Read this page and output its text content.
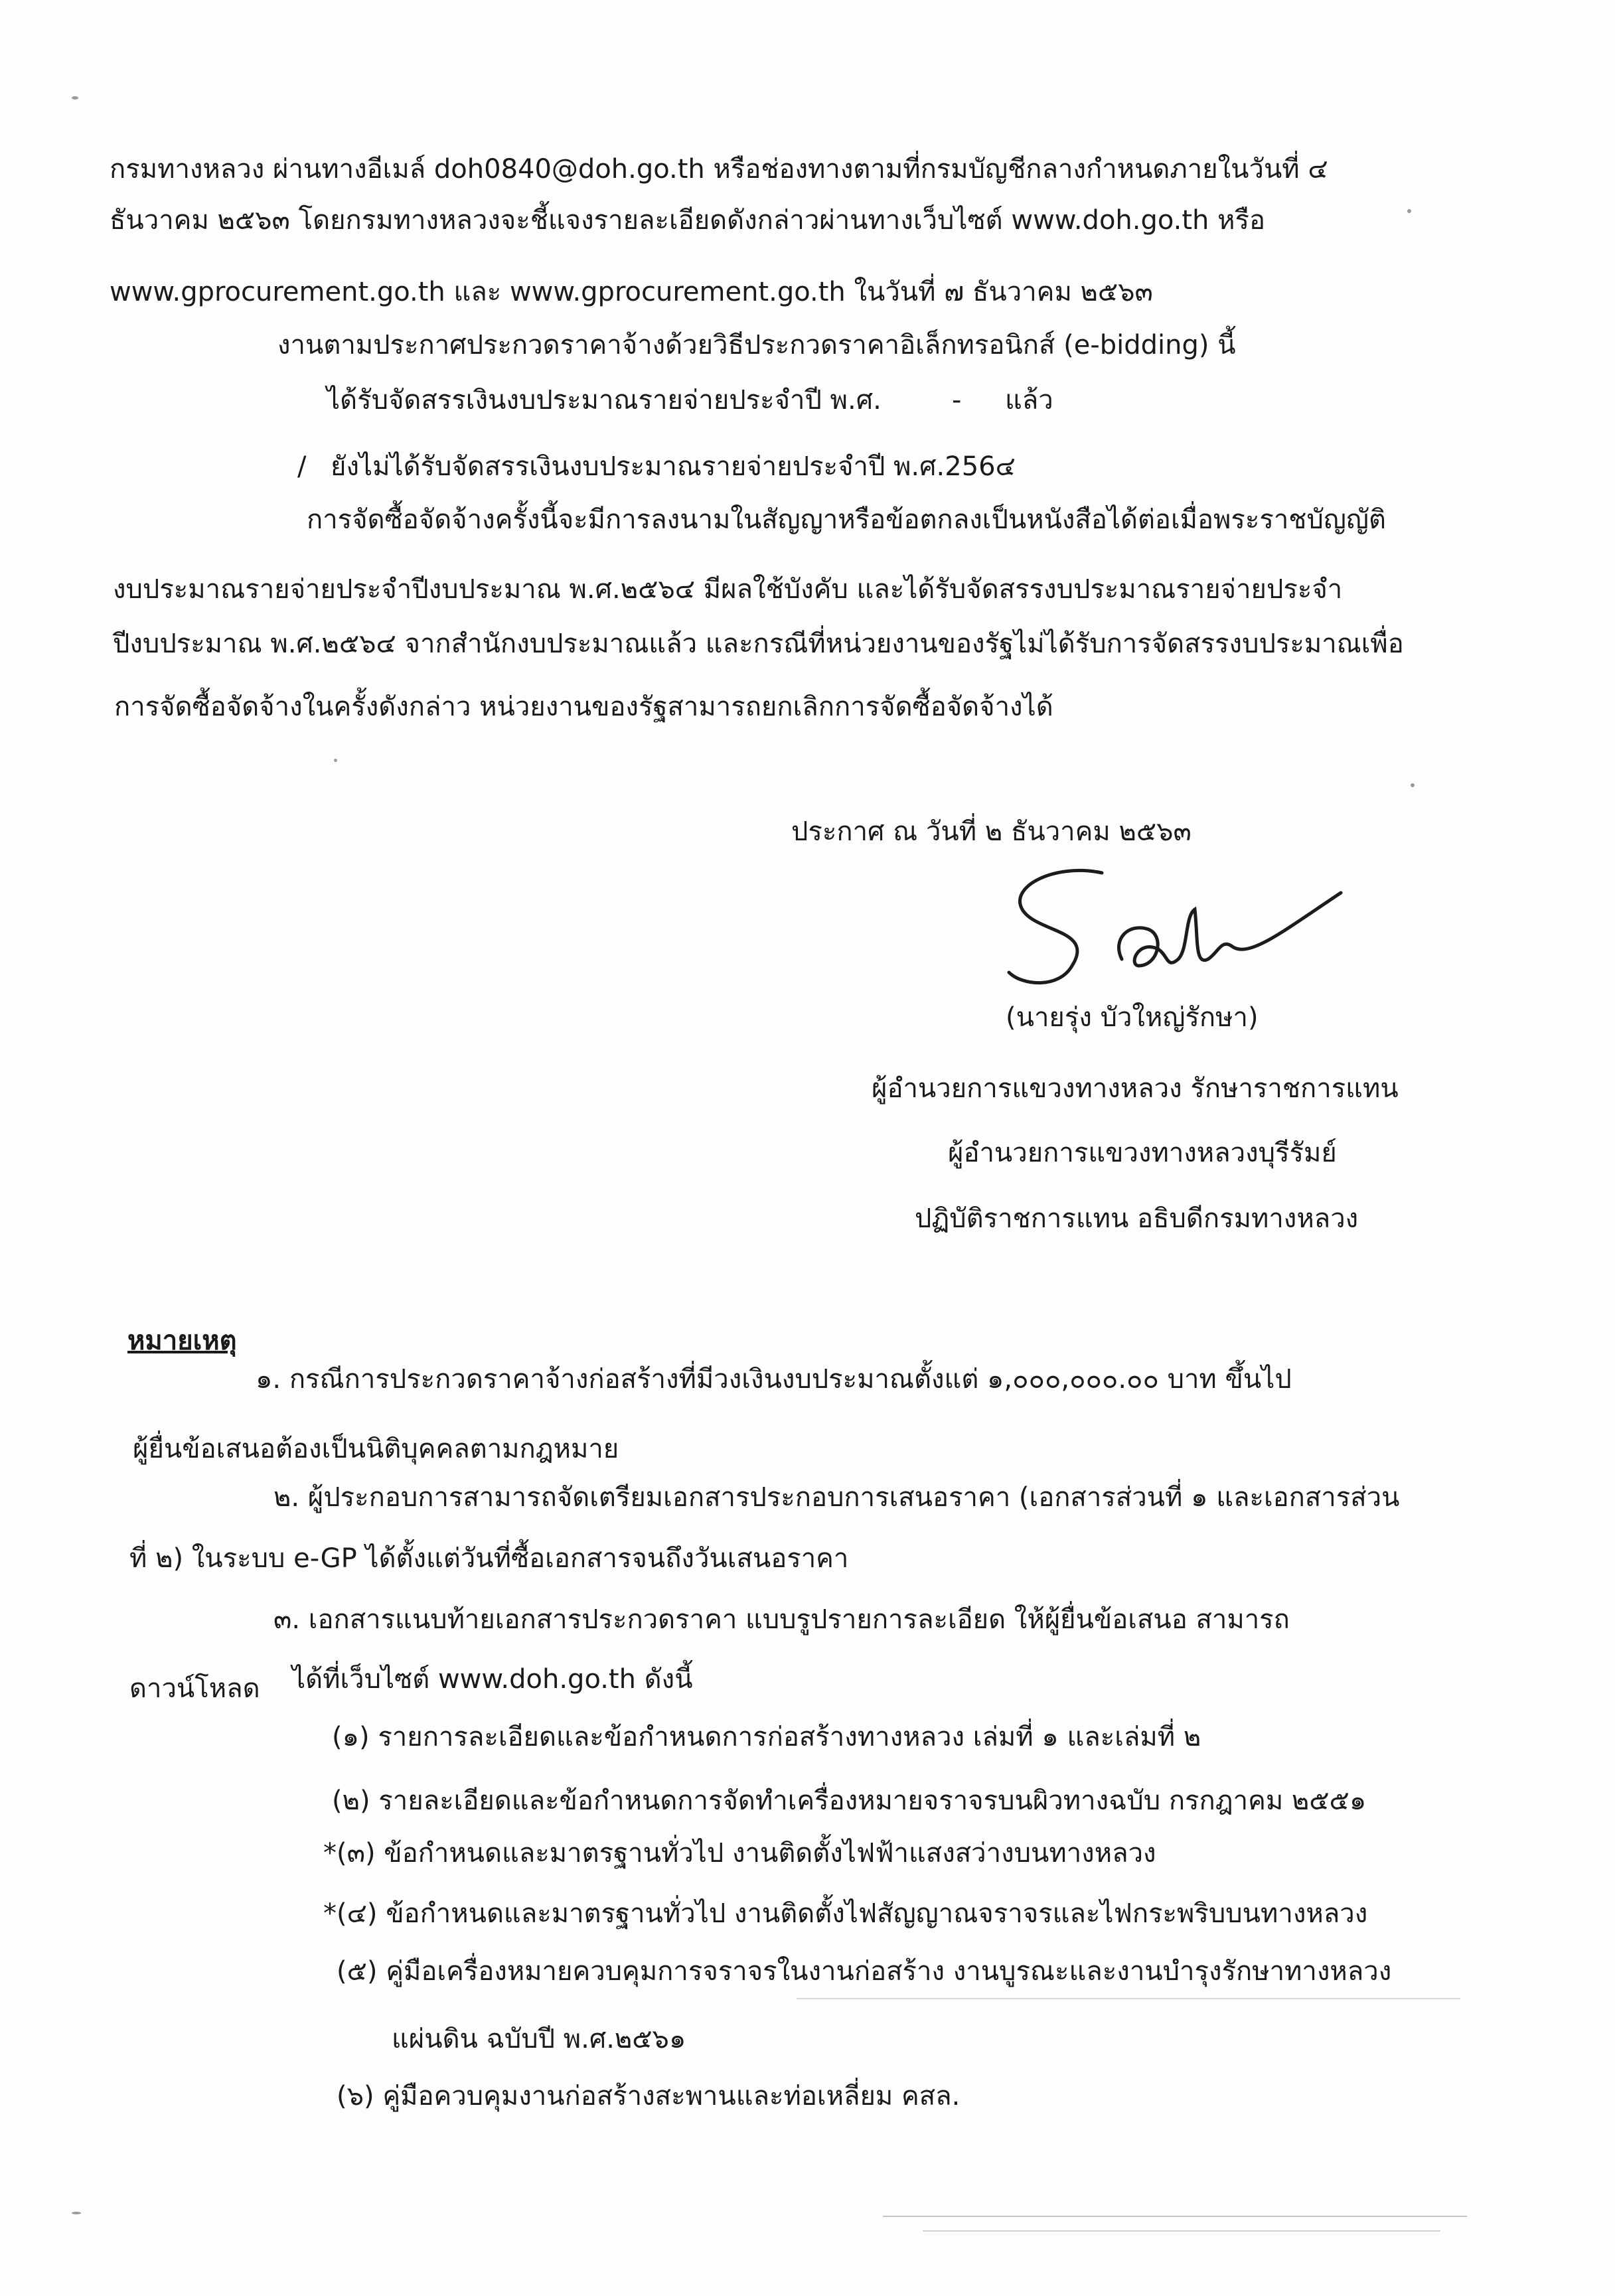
กรมทางหลวง ผ่านทางอีเมล์ doh0840@doh.go.th หรือช่องทางตามที่กรมบัญชีกลางกำหนดภายในวันที่ ๔
ธันวาคม ๒๕๖๓ โดยกรมทางหลวงจะชี้แจงรายละเอียดดังกล่าวผ่านทางเว็บไซต์ www.doh.go.th หรือ
www.gprocurement.go.th และ www.gprocurement.go.th ในวันที่ ๗ ธันวาคม ๒๕๖๓
งานตามประกาศประกวดราคาจ้างด้วยวิธีประกวดราคาอิเล็กทรอนิกส์ (e-bidding) นี้
ได้รับจัดสรรเงินงบประมาณรายจ่ายประจำปี พ.ศ.	- แล้ว
/ ยังไม่ได้รับจัดสรรเงินงบประมาณรายจ่ายประจำปี พ.ศ.256๔
การจัดซื้อจัดจ้างครั้งนี้จะมีการลงนามในสัญญาหรือข้อตกลงเป็นหนังสือได้ต่อเมื่อพระราชบัญญัติ
งบประมาณรายจ่ายประจำปีงบประมาณ พ.ศ.๒๕๖๔ มีผลใช้บังคับ และได้รับจัดสรรงบประมาณรายจ่ายประจำ
ปีงบประมาณ พ.ศ.๒๕๖๔ จากสำนักงบประมาณแล้ว และกรณีที่หน่วยงานของรัฐไม่ได้รับการจัดสรรงบประมาณเพื่อ
การจัดซื้อจัดจ้างในครั้งดังกล่าว หน่วยงานของรัฐสามารถยกเลิกการจัดซื้อจัดจ้างได้
ประกาศ ณ วันที่ ๒ ธันวาคม ๒๕๖๓
(นายรุ่ง บัวใหญ่รักษา)
ผู้อำนวยการแขวงทางหลวง รักษาราชการแทน
ผู้อำนวยการแขวงทางหลวงบุรีรัมย์
ปฏิบัติราชการแทน อธิบดีกรมทางหลวง
หมายเหตุ
๑. กรณีการประกวดราคาจ้างก่อสร้างที่มีวงเงินงบประมาณตั้งแต่ ๑,๐๐๐,๐๐๐.๐๐ บาท ขึ้นไป
ผู้ยื่นข้อเสนอต้องเป็นนิติบุคคลตามกฎหมาย
๒. ผู้ประกอบการสามารถจัดเตรียมเอกสารประกอบการเสนอราคา (เอกสารส่วนที่ ๑ และเอกสารส่วน
ที่ ๒) ในระบบ e-GP ได้ตั้งแต่วันที่ซื้อเอกสารจนถึงวันเสนอราคา
๓. เอกสารแนบท้ายเอกสารประกวดราคา แบบรูปรายการละเอียด ให้ผู้ยื่นข้อเสนอ สามารถ
ดาวน์โหลด ได้ที่เว็บไซต์ www.doh.go.th ดังนี้
(๑) รายการละเอียดและข้อกำหนดการก่อสร้างทางหลวง เล่มที่ ๑ และเล่มที่ ๒
(๒) รายละเอียดและข้อกำหนดการจัดทำเครื่องหมายจราจรบนผิวทางฉบับ กรกฎาคม ๒๕๕๑
*(๓) ข้อกำหนดและมาตรฐานทั่วไป งานติดตั้งไฟฟ้าแสงสว่างบนทางหลวง
*(๔) ข้อกำหนดและมาตรฐานทั่วไป งานติดตั้งไฟสัญญาณจราจรและไฟกระพริบบนทางหลวง
(๕) คู่มือเครื่องหมายควบคุมการจราจรในงานก่อสร้าง งานบูรณะและงานบำรุงรักษาทางหลวง
แผ่นดิน ฉบับปี พ.ศ.๒๕๖๑
(๖) คู่มือควบคุมงานก่อสร้างสะพานและท่อเหลี่ยม คสล.
